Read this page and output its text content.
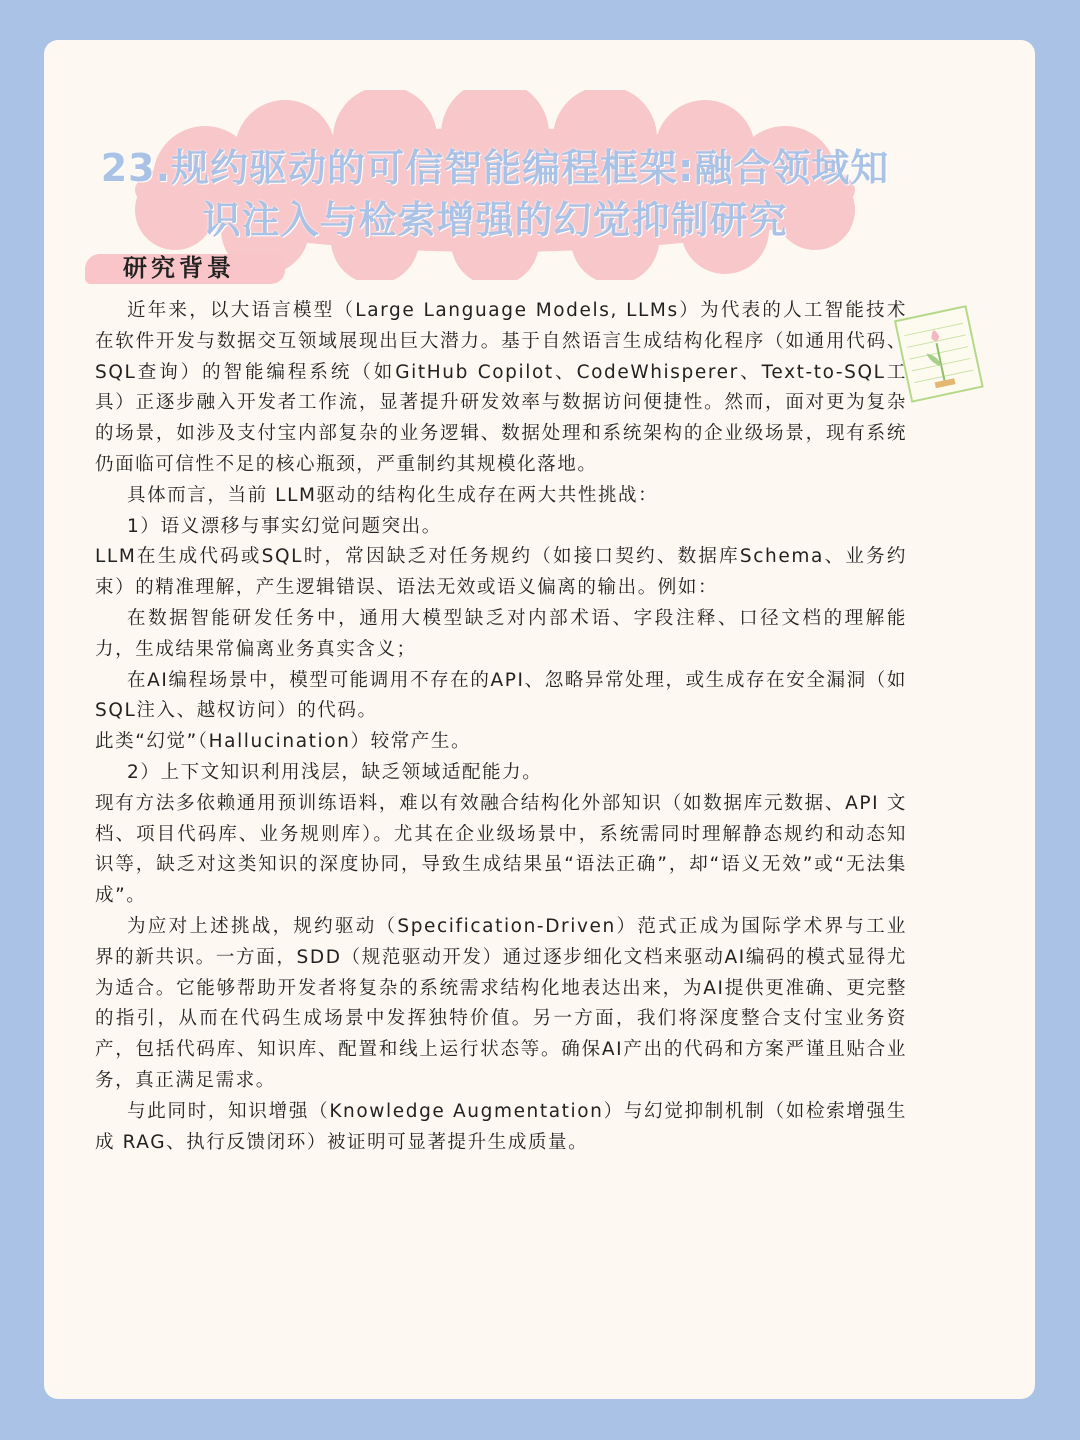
23.规约驱动的可信智能编程框架:融合领域知识注入与检索增强的幻觉抑制研究
研究背景

近年来，以大语言模型（Large Language Models, LLMs）为代表的人工智能技术在软件开发与数据交互领域展现出巨大潜力。基于自然语言生成结构化程序（如通用代码、SQL查询）的智能编程系统（如GitHub Copilot、CodeWhisperer、Text-to-SQL工具）正逐步融入开发者工作流，显著提升研发效率与数据访问便捷性。然而，面对更为复杂的场景，如涉及支付宝内部复杂的业务逻辑、数据处理和系统架构的企业级场景，现有系统仍面临可信性不足的核心瓶颈，严重制约其规模化落地。

具体而言，当前 LLM驱动的结构化生成存在两大共性挑战：

1）语义漂移与事实幻觉问题突出。

LLM在生成代码或SQL时，常因缺乏对任务规约（如接口契约、数据库Schema、业务约束）的精准理解，产生逻辑错误、语法无效或语义偏离的输出。例如：

在数据智能研发任务中，通用大模型缺乏对内部术语、字段注释、口径文档的理解能力，生成结果常偏离业务真实含义；

在AI编程场景中，模型可能调用不存在的API、忽略异常处理，或生成存在安全漏洞（如SQL注入、越权访问）的代码。

此类“幻觉”（Hallucination）较常产生。

2）上下文知识利用浅层，缺乏领域适配能力。

现有方法多依赖通用预训练语料，难以有效融合结构化外部知识（如数据库元数据、API 文档、项目代码库、业务规则库）。尤其在企业级场景中，系统需同时理解静态规约和动态知识等，缺乏对这类知识的深度协同，导致生成结果虽“语法正确”，却“语义无效”或“无法集成”。

为应对上述挑战，规约驱动（Specification-Driven）范式正成为国际学术界与工业界的新共识。一方面，SDD（规范驱动开发）通过逐步细化文档来驱动AI编码的模式显得尤为适合。它能够帮助开发者将复杂的系统需求结构化地表达出来，为AI提供更准确、更完整的指引，从而在代码生成场景中发挥独特价值。另一方面，我们将深度整合支付宝业务资产，包括代码库、知识库、配置和线上运行状态等。确保AI产出的代码和方案严谨且贴合业务，真正满足需求。

与此同时，知识增强（Knowledge Augmentation）与幻觉抑制机制（如检索增强生成 RAG、执行反馈闭环）被证明可显著提升生成质量。
